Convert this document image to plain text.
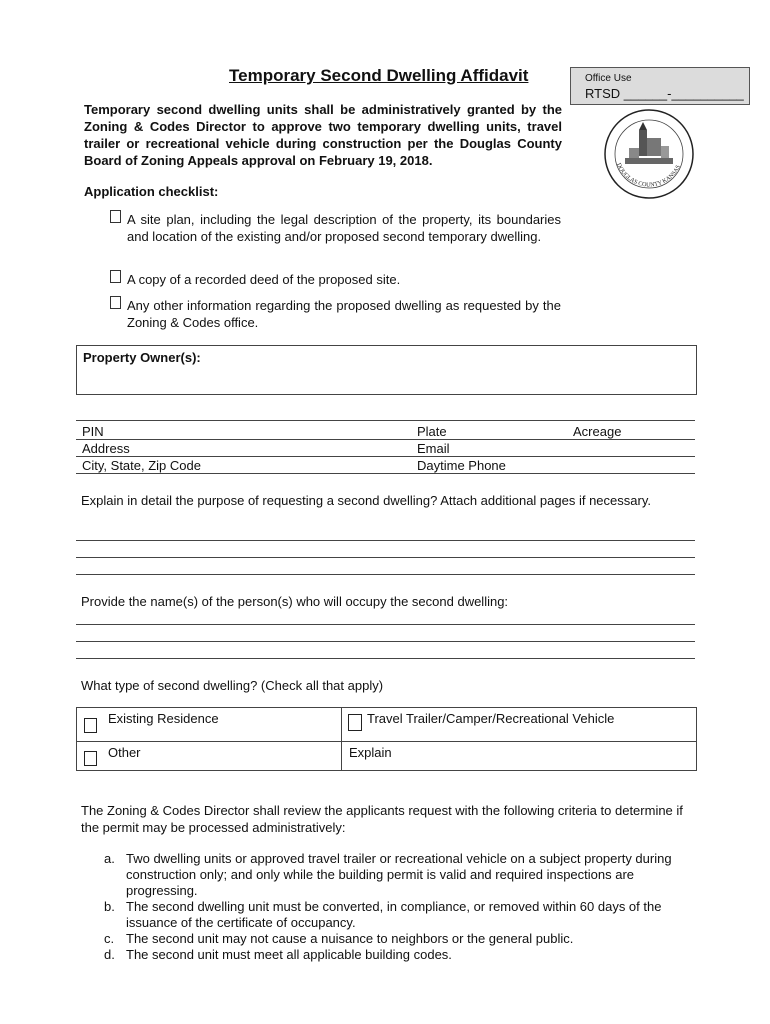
Temporary Second Dwelling Affidavit	Office Use
RTSD ______-__________
DOUGLAS COUNTY KANSAS
Temporary second dwelling units shall be administratively granted by the Zoning & Codes Director to approve two temporary dwelling units, travel trailer or recreational vehicle during construction per the Douglas County Board of Zoning Appeals approval on February 19, 2018.
Application checklist:
A site plan, including the legal description of the property, its boundaries and location of the existing and/or proposed second temporary dwelling.
A copy of a recorded deed of the proposed site.
Any other information regarding the proposed dwelling as requested by the Zoning & Codes office.
Property Owner(s):
PIN	Plate	Acreage
Address	Email
City, State, Zip Code	Daytime Phone
Explain in detail the purpose of requesting a second dwelling? Attach additional pages if necessary.
Provide the name(s) of the person(s) who will occupy the second dwelling:
What type of second dwelling? (Check all that apply)
Existing Residence	Travel Trailer/Camper/Recreational Vehicle
Other	Explain
The Zoning & Codes Director shall review the applicants request with the following criteria to determine if the permit may be processed administratively:
a. Two dwelling units or approved travel trailer or recreational vehicle on a subject property during construction only; and only while the building permit is valid and required inspections are progressing.
b. The second dwelling unit must be converted, in compliance, or removed within 60 days of the issuance of the certificate of occupancy.
c. The second unit may not cause a nuisance to neighbors or the general public.
d. The second unit must meet all applicable building codes.
